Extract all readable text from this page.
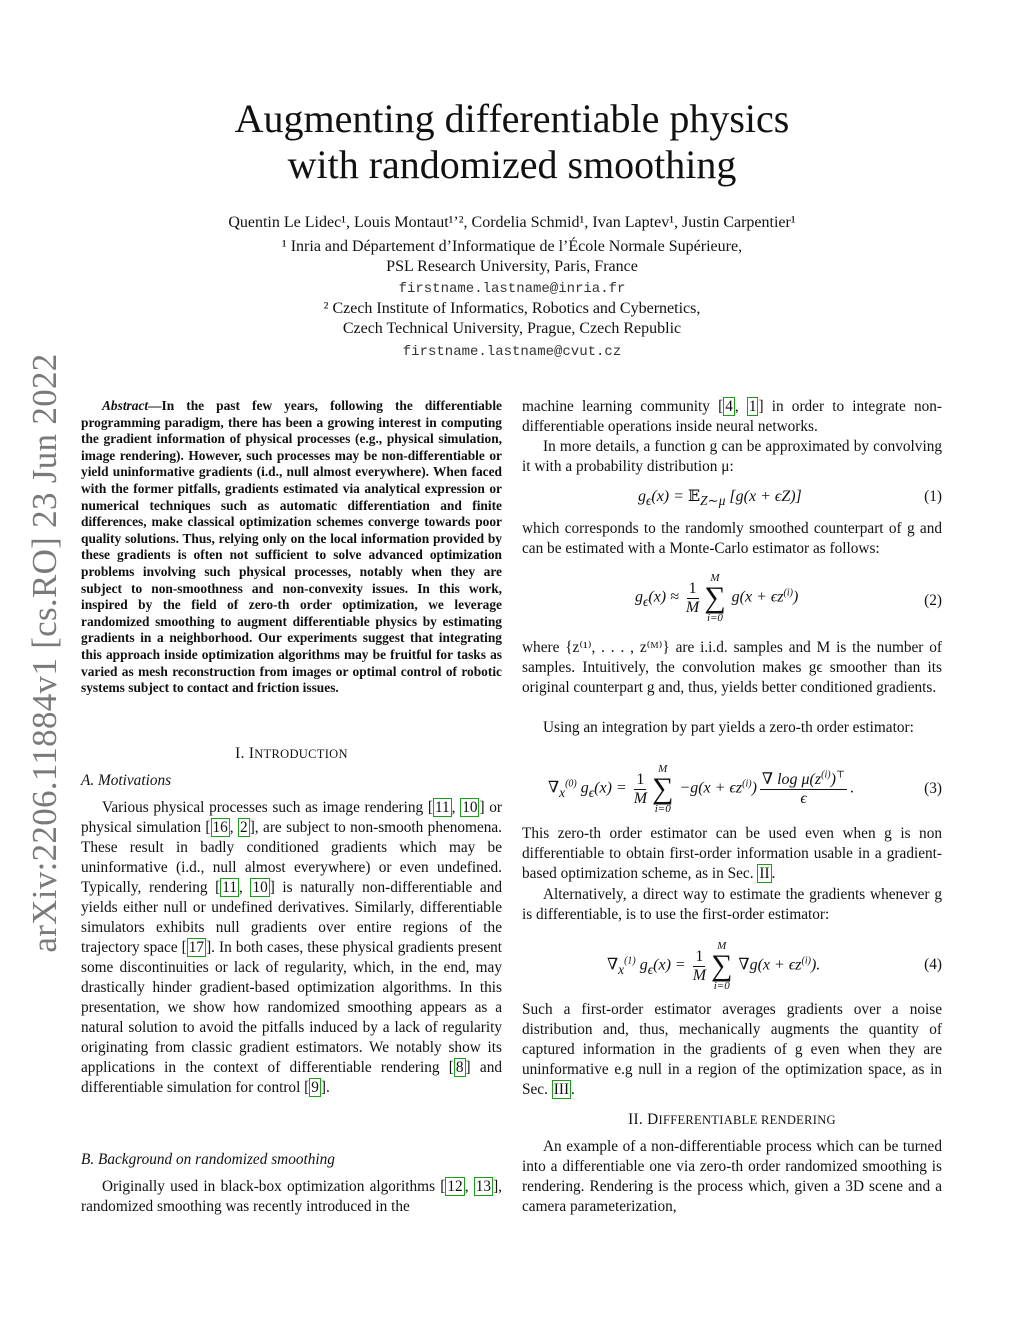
arXiv:2206.11884v1 [cs.RO] 23 Jun 2022
Augmenting differentiable physics
with randomized smoothing
Quentin Le Lidec¹, Louis Montaut¹ʼ², Cordelia Schmid¹, Ivan Laptev¹, Justin Carpentier¹
¹ Inria and Département d’Informatique de l’École Normale Supérieure,
PSL Research University, Paris, France
firstname.lastname@inria.fr
² Czech Institute of Informatics, Robotics and Cybernetics,
Czech Technical University, Prague, Czech Republic
firstname.lastname@cvut.cz
Abstract—In the past few years, following the differentiable programming paradigm, there has been a growing interest in computing the gradient information of physical processes (e.g., physical simulation, image rendering). However, such processes may be non-differentiable or yield uninformative gradients (i.d., null almost everywhere). When faced with the former pitfalls, gradients estimated via analytical expression or numerical techniques such as automatic differentiation and finite differences, make classical optimization schemes converge towards poor quality solutions. Thus, relying only on the local information provided by these gradients is often not sufficient to solve advanced optimization problems involving such physical processes, notably when they are subject to non-smoothness and non-convexity issues. In this work, inspired by the field of zero-th order optimization, we leverage randomized smoothing to augment differentiable physics by estimating gradients in a neighborhood. Our experiments suggest that integrating this approach inside optimization algorithms may be fruitful for tasks as varied as mesh reconstruction from images or optimal control of robotic systems subject to contact and friction issues.
I. INTRODUCTION
A. Motivations
Various physical processes such as image rendering [ 11 , 10 ] or physical simulation [ 16 , 2 ], are subject to non-smooth phenomena. These result in badly conditioned gradients which may be uninformative (i.d., null almost everywhere) or even undefined. Typically, rendering [ 11 , 10 ] is naturally non-differentiable and yields either null or undefined derivatives. Similarly, differentiable simulators exhibits null gradients over entire regions of the trajectory space [ 17 ]. In both cases, these physical gradients present some discontinuities or lack of regularity, which, in the end, may drastically hinder gradient-based optimization algorithms. In this presentation, we show how randomized smoothing appears as a natural solution to avoid the pitfalls induced by a lack of regularity originating from classic gradient estimators. We notably show its applications in the context of differentiable rendering [ 8 ] and differentiable simulation for control [ 9 ].
B. Background on randomized smoothing
Originally used in black-box optimization algorithms [ 12 , 13 ], randomized smoothing was recently introduced in the
machine learning community [ 4 , 1 ] in order to integrate non-differentiable operations inside neural networks.
In more details, a function g can be approximated by convolving it with a probability distribution μ:
$g_\epsilon(x)$ = 𝔼$_{Z\sim\mu}$ [g(x + ϵZ)]	(1)
which corresponds to the randomly smoothed counterpart of g and can be estimated with a Monte-Carlo estimator as follows:
$g_\epsilon(x) \approx \frac{1}{M}$
M
∑
i=0
$g(x + \epsilon z^{(i)})$	(2)
where {z⁽¹⁾, . . . , z⁽ᴹ⁾} are i.i.d. samples and M is the number of samples. Intuitively, the convolution makes gϵ smoother than its original counterpart g and, thus, yields better conditioned gradients.
Using an integration by part yields a zero-th order estimator:
$\nabla_x^{(0)}$ $g_\epsilon(x) = \frac{1}{M}$
M
∑
i=0
$-g(x + \epsilon z^{(i)}) \frac{\nabla \log \mu(z^{(i)})^⊤}{\epsilon}$ .	(3)
This zero-th order estimator can be used even when g is non differentiable to obtain first-order information usable in a gradient-based optimization scheme, as in Sec. II .
Alternatively, a direct way to estimate the gradients whenever g is differentiable, is to use the first-order estimator:
$\nabla_x^{(1)}$ $g_\epsilon(x) = \frac{1}{M}$
M
∑
i=0
$\nabla g(x + \epsilon z^{(i)})$.	(4)
Such a first-order estimator averages gradients over a noise distribution and, thus, mechanically augments the quantity of captured information in the gradients of g even when they are uninformative e.g null in a region of the optimization space, as in Sec. III .
II. DIFFERENTIABLE RENDERING
An example of a non-differentiable process which can be turned into a differentiable one via zero-th order randomized smoothing is rendering. Rendering is the process which, given a 3D scene and a camera parameterization,
